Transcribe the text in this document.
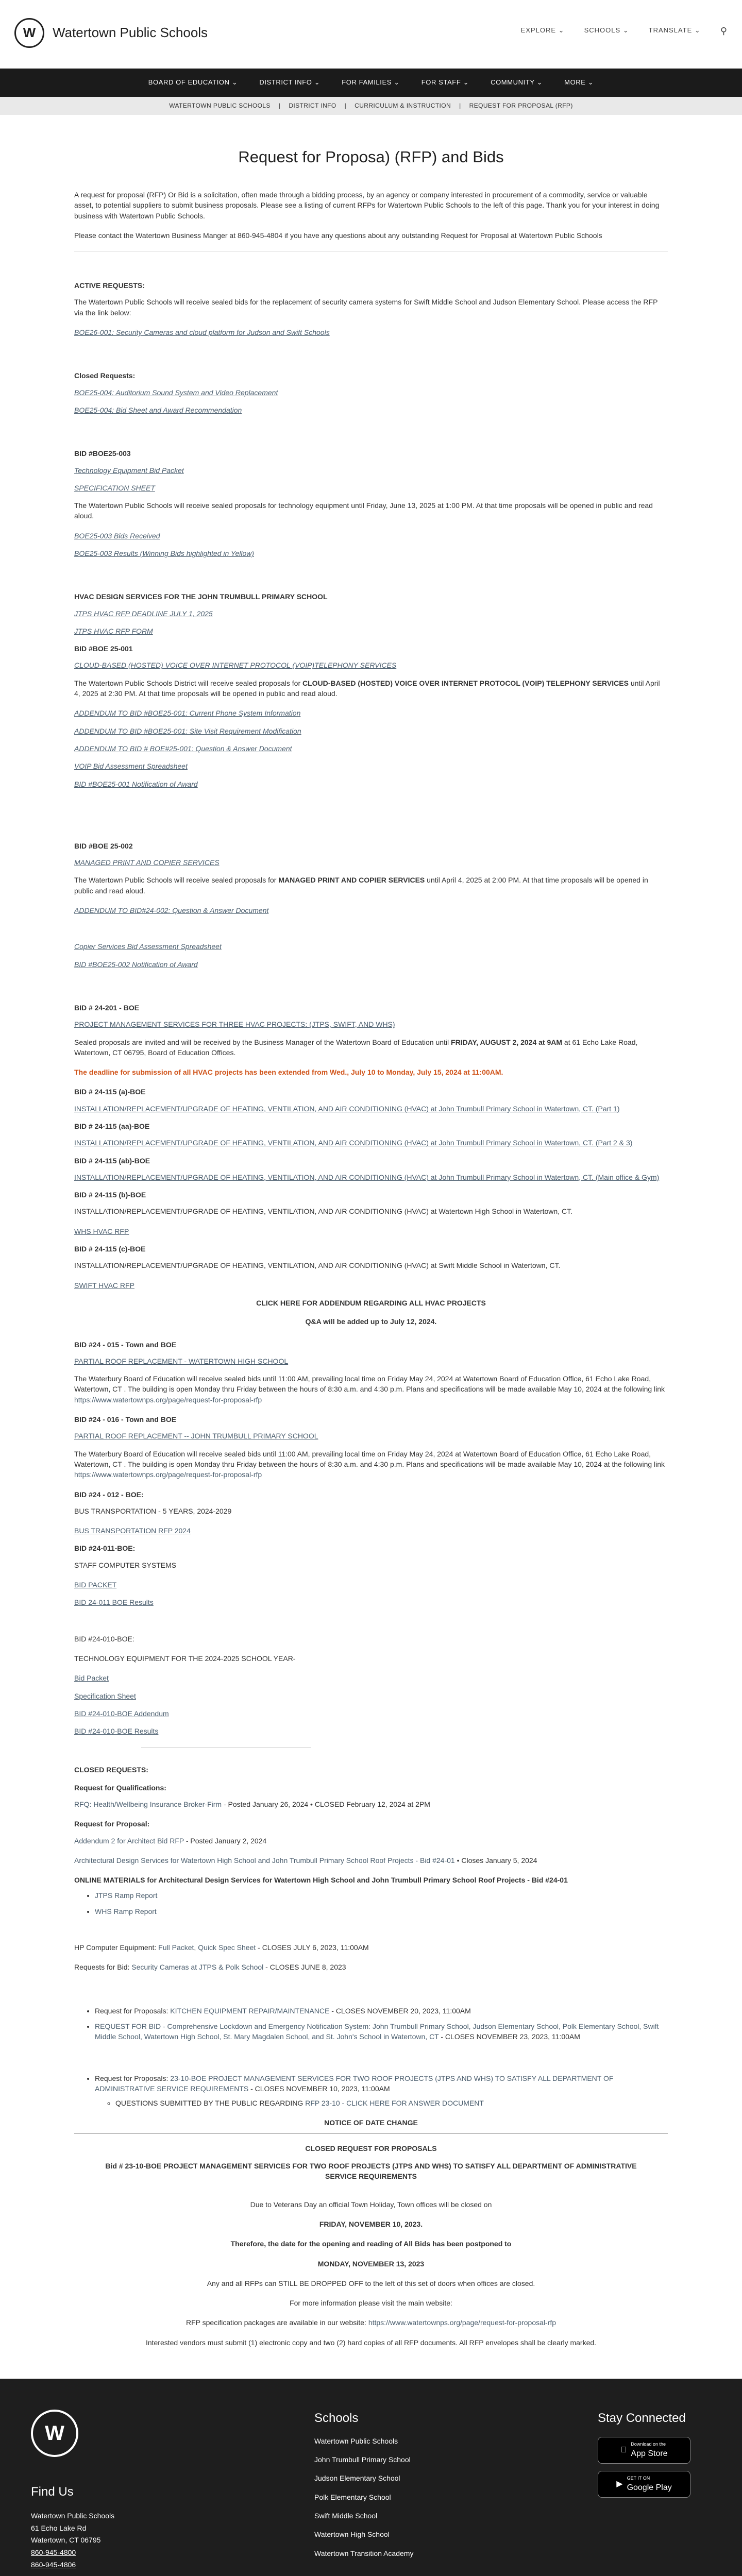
W	Watertown Public Schools	EXPLORE ⌄	SCHOOLS ⌄	TRANSLATE ⌄ ⚲
BOARD OF EDUCATION ⌄	DISTRICT INFO ⌄	FOR FAMILIES ⌄	FOR STAFF ⌄	COMMUNITY ⌄	MORE ⌄
WATERTOWN PUBLIC SCHOOLS | DISTRICT INFO | CURRICULUM & INSTRUCTION | REQUEST FOR PROPOSAL (RFP)
Request for Proposa) (RFP) and Bids

A request for proposal (RFP) Or Bid is a solicitation, often made through a bidding process, by an agency or company interested in procurement of a commodity, service or valuable asset, to potential suppliers to submit business proposals. Please see a listing of current RFPs for Watertown Public Schools to the left of this page. Thank you for your interest in doing business with Watertown Public Schools.

Please contact the Watertown Business Manger at 860-945-4804 if you have any questions about any outstanding Request for Proposal at Watertown Public Schools

ACTIVE REQUESTS:

The Watertown Public Schools will receive sealed bids for the replacement of security camera systems for Swift Middle School and Judson Elementary School. Please access the RFP via the link below:

BOE26-001: Security Cameras and cloud platform for Judson and Swift Schools
Closed Requests:
BOE25-004: Auditorium Sound System and Video Replacement
BOE25-004: Bid Sheet and Award Recommendation
BID #BOE25-003
Technology Equipment Bid Packet
SPECIFICATION SHEET

The Watertown Public Schools will receive sealed proposals for technology equipment until Friday, June 13, 2025 at 1:00 PM. At that time proposals will be opened in public and read aloud.

BOE25-003 Bids Received
BOE25-003 Results (Winning Bids highlighted in Yellow)
HVAC DESIGN SERVICES FOR THE JOHN TRUMBULL PRIMARY SCHOOL
JTPS HVAC RFP DEADLINE JULY 1, 2025
JTPS HVAC RFP FORM
BID #BOE 25-001
CLOUD-BASED (HOSTED) VOICE OVER INTERNET PROTOCOL (VOIP)TELEPHONY SERVICES

The Watertown Public Schools District will receive sealed proposals for CLOUD-BASED (HOSTED) VOICE OVER INTERNET PROTOCOL (VOIP) TELEPHONY SERVICES until April 4, 2025 at 2:30 PM. At that time proposals will be opened in public and read aloud.

ADDENDUM TO BID #BOE25-001: Current Phone System Information
ADDENDUM TO BID #BOE25-001: Site Visit Requirement Modification
ADDENDUM TO BID # BOE#25-001: Question & Answer Document
VOIP Bid Assessment Spreadsheet
BID #BOE25-001 Notification of Award
BID #BOE 25-002
MANAGED PRINT AND COPIER SERVICES

The Watertown Public Schools will receive sealed proposals for MANAGED PRINT AND COPIER SERVICES until April 4, 2025 at 2:00 PM. At that time proposals will be opened in public and read aloud.

ADDENDUM TO BID#24-002: Question & Answer Document
Copier Services Bid Assessment Spreadsheet
BID #BOE25-002 Notification of Award
BID # 24-201 - BOE
PROJECT MANAGEMENT SERVICES FOR THREE HVAC PROJECTS: (JTPS, SWIFT, AND WHS)

Sealed proposals are invited and will be received by the Business Manager of the Watertown Board of Education until FRIDAY, AUGUST 2, 2024 at 9AM at 61 Echo Lake Road, Watertown, CT 06795, Board of Education Offices.

The deadline for submission of all HVAC projects has been extended from Wed., July 10 to Monday, July 15, 2024 at 11:00AM.

BID # 24-115 (a)-BOE
INSTALLATION/REPLACEMENT/UPGRADE OF HEATING, VENTILATION, AND AIR CONDITIONING (HVAC) at John Trumbull Primary School in Watertown, CT. (Part 1)
BID # 24-115 (aa)-BOE
INSTALLATION/REPLACEMENT/UPGRADE OF HEATING, VENTILATION, AND AIR CONDITIONING (HVAC) at John Trumbull Primary School in Watertown, CT. (Part 2 & 3)
BID # 24-115 (ab)-BOE
INSTALLATION/REPLACEMENT/UPGRADE OF HEATING, VENTILATION, AND AIR CONDITIONING (HVAC) at John Trumbull Primary School in Watertown, CT. (Main office & Gym)
BID # 24-115 (b)-BOE

INSTALLATION/REPLACEMENT/UPGRADE OF HEATING, VENTILATION, AND AIR CONDITIONING (HVAC) at Watertown High School in Watertown, CT.

WHS HVAC RFP
BID # 24-115 (c)-BOE

INSTALLATION/REPLACEMENT/UPGRADE OF HEATING, VENTILATION, AND AIR CONDITIONING (HVAC) at Swift Middle School in Watertown, CT.

SWIFT HVAC RFP

CLICK HERE FOR ADDENDUM REGARDING ALL HVAC PROJECTS

Q&A will be added up to July 12, 2024.

BID #24 - 015 - Town and BOE
PARTIAL ROOF REPLACEMENT - WATERTOWN HIGH SCHOOL

The Waterbury Board of Education will receive sealed bids until 11:00 AM, prevailing local time on Friday May 24, 2024 at Watertown Board of Education Office, 61 Echo Lake Road, Watertown, CT . The building is open Monday thru Friday between the hours of 8:30 a.m. and 4:30 p.m. Plans and specifications will be made available May 10, 2024 at the following link https://www.watertownps.org/page/request-for-proposal-rfp

BID #24 - 016 - Town and BOE
PARTIAL ROOF REPLACEMENT -- JOHN TRUMBULL PRIMARY SCHOOL

The Waterbury Board of Education will receive sealed bids until 11:00 AM, prevailing local time on Friday May 24, 2024 at Watertown Board of Education Office, 61 Echo Lake Road, Watertown, CT . The building is open Monday thru Friday between the hours of 8:30 a.m. and 4:30 p.m. Plans and specifications will be made available May 10, 2024 at the following link https://www.watertownps.org/page/request-for-proposal-rfp

BID #24 - 012 - BOE:

BUS TRANSPORTATION - 5 YEARS, 2024-2029

BUS TRANSPORTATION RFP 2024
BID #24-011-BOE:

STAFF COMPUTER SYSTEMS

BID PACKET
BID 24-011 BOE Results

BID #24-010-BOE:

TECHNOLOGY EQUIPMENT FOR THE 2024-2025 SCHOOL YEAR-

Bid Packet
Specification Sheet
BID #24-010-BOE Addendum
BID #24-010-BOE Results
CLOSED REQUESTS:
Request for Qualifications:

RFQ: Health/Wellbeing Insurance Broker-Firm - Posted January 26, 2024 • CLOSED February 12, 2024 at 2PM

Request for Proposal:

Addendum 2 for Architect Bid RFP - Posted January 2, 2024

Architectural Design Services for Watertown High School and John Trumbull Primary School Roof Projects - Bid #24-01 • Closes January 5, 2024

ONLINE MATERIALS for Architectural Design Services for Watertown High School and John Trumbull Primary School Roof Projects - Bid #24-01
• JTPS Ramp Report
• WHS Ramp Report

HP Computer Equipment: Full Packet, Quick Spec Sheet - CLOSES JULY 6, 2023, 11:00AM

Requests for Bid: Security Cameras at JTPS & Polk School - CLOSES JUNE 8, 2023

• Request for Proposals: KITCHEN EQUIPMENT REPAIR/MAINTENANCE - CLOSES NOVEMBER 20, 2023, 11:00AM
• REQUEST FOR BID - Comprehensive Lockdown and Emergency Notification System: John Trumbull Primary School, Judson Elementary School, Polk Elementary School, Swift Middle School, Watertown High School, St. Mary Magdalen School, and St. John's School in Watertown, CT - CLOSES NOVEMBER 23, 2023, 11:00AM
• Request for Proposals: 23-10-BOE PROJECT MANAGEMENT SERVICES FOR TWO ROOF PROJECTS (JTPS AND WHS) TO SATISFY ALL DEPARTMENT OF ADMINISTRATIVE SERVICE REQUIREMENTS - CLOSES NOVEMBER 10, 2023, 11:00AM
◦ QUESTIONS SUBMITTED BY THE PUBLIC REGARDING RFP 23-10 - CLICK HERE FOR ANSWER DOCUMENT
NOTICE OF DATE CHANGE
CLOSED REQUEST FOR PROPOSALS
Bid # 23-10-BOE PROJECT MANAGEMENT SERVICES FOR TWO ROOF PROJECTS (JTPS AND WHS) TO SATISFY ALL DEPARTMENT OF ADMINISTRATIVE SERVICE REQUIREMENTS

Due to Veterans Day an official Town Holiday, Town offices will be closed on

FRIDAY, NOVEMBER 10, 2023.

Therefore, the date for the opening and reading of All Bids has been postponed to

MONDAY, NOVEMBER 13, 2023

Any and all RFPs can STILL BE DROPPED OFF to the left of this set of doors when offices are closed.

For more information please visit the main website:

RFP specification packages are available in our website: https://www.watertownps.org/page/request-for-proposal-rfp

Interested vendors must submit (1) electronic copy and two (2) hard copies of all RFP documents. All RFP envelopes shall be clearly marked.

W
Find Us
Watertown Public Schools
61 Echo Lake Rd
Watertown, CT 06795
860-945-4800
860-945-4806
Schools
Watertown Public Schools
John Trumbull Primary School
Judson Elementary School
Polk Elementary School
Swift Middle School
Watertown High School
Watertown Transition Academy
Stay Connected
Download on the
App Store
▶
GET IT ON
Google Play
